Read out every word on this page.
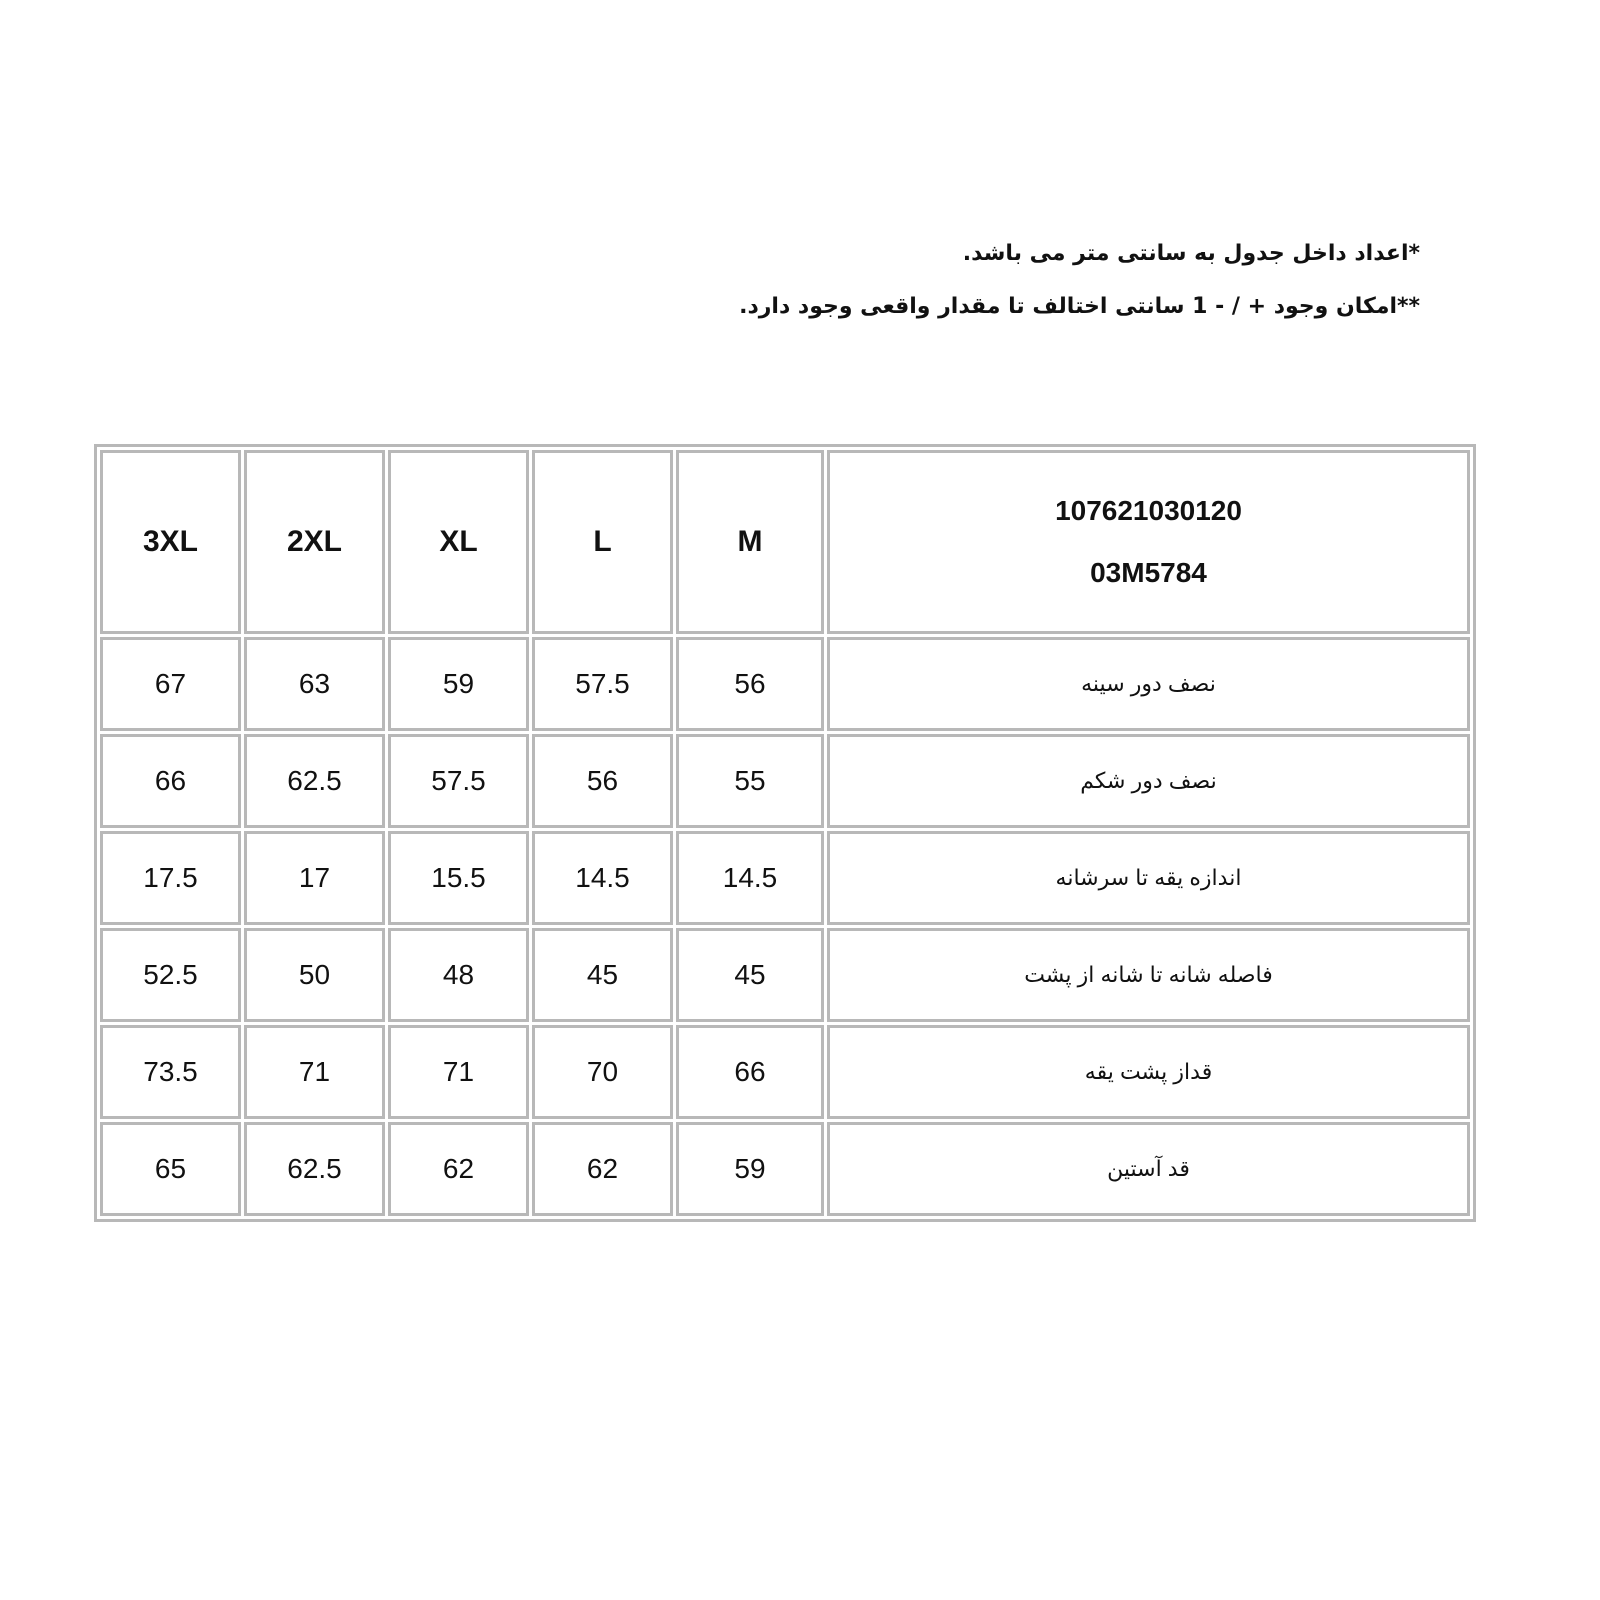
*اعداد داخل جدول به سانتی متر می باشد.
**امکان وجود + / - 1 سانتی اختالف تا مقدار واقعی وجود دارد.
3XL	2XL	XL	L	M	107621030120
03M5784

67	63	59	57.5	56	نصف دور سینه
66	62.5	57.5	56	55	نصف دور شکم
17.5	17	15.5	14.5	14.5	اندازه یقه تا سرشانه
52.5	50	48	45	45	فاصله شانه تا شانه از پشت
73.5	71	71	70	66	قداز پشت یقه
65	62.5	62	62	59	قد آستین
